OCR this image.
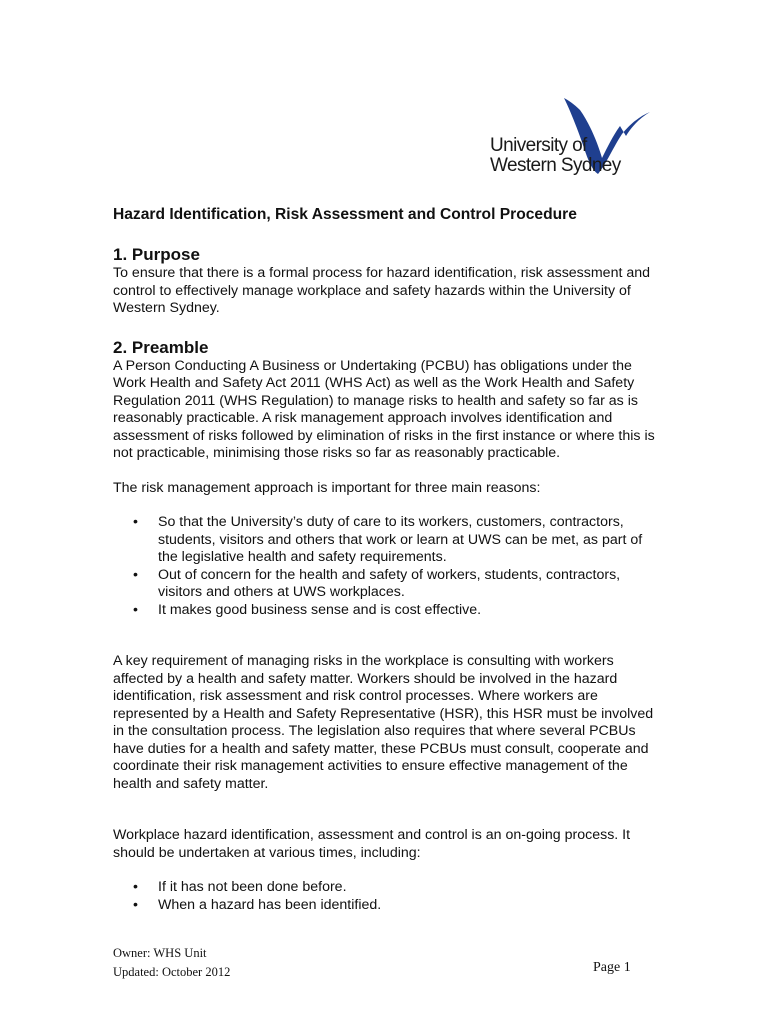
University of
Western Sydney
Hazard Identification, Risk Assessment and Control Procedure
1. Purpose

To ensure that there is a formal process for hazard identification, risk assessment and control to effectively manage workplace and safety hazards within the University of Western Sydney.

2. Preamble

A Person Conducting A Business or Undertaking (PCBU) has obligations under the Work Health and Safety Act 2011 (WHS Act) as well as the Work Health and Safety Regulation 2011 (WHS Regulation) to manage risks to health and safety so far as is reasonably practicable. A risk management approach involves identification and assessment of risks followed by elimination of risks in the first instance or where this is not practicable, minimising those risks so far as reasonably practicable.

The risk management approach is important for three main reasons:

• So that the University’s duty of care to its workers, customers, contractors, students, visitors and others that work or learn at UWS can be met, as part of the legislative health and safety requirements.
• Out of concern for the health and safety of workers, students, contractors, visitors and others at UWS workplaces.
• It makes good business sense and is cost effective.

A key requirement of managing risks in the workplace is consulting with workers affected by a health and safety matter. Workers should be involved in the hazard identification, risk assessment and risk control processes. Where workers are represented by a Health and Safety Representative (HSR), this HSR must be involved in the consultation process. The legislation also requires that where several PCBUs have duties for a health and safety matter, these PCBUs must consult, cooperate and coordinate their risk management activities to ensure effective management of the health and safety matter.

Workplace hazard identification, assessment and control is an on-going process. It should be undertaken at various times, including:

• If it has not been done before.
• When a hazard has been identified.
Owner: WHS Unit
Updated: October 2012	Page 1
